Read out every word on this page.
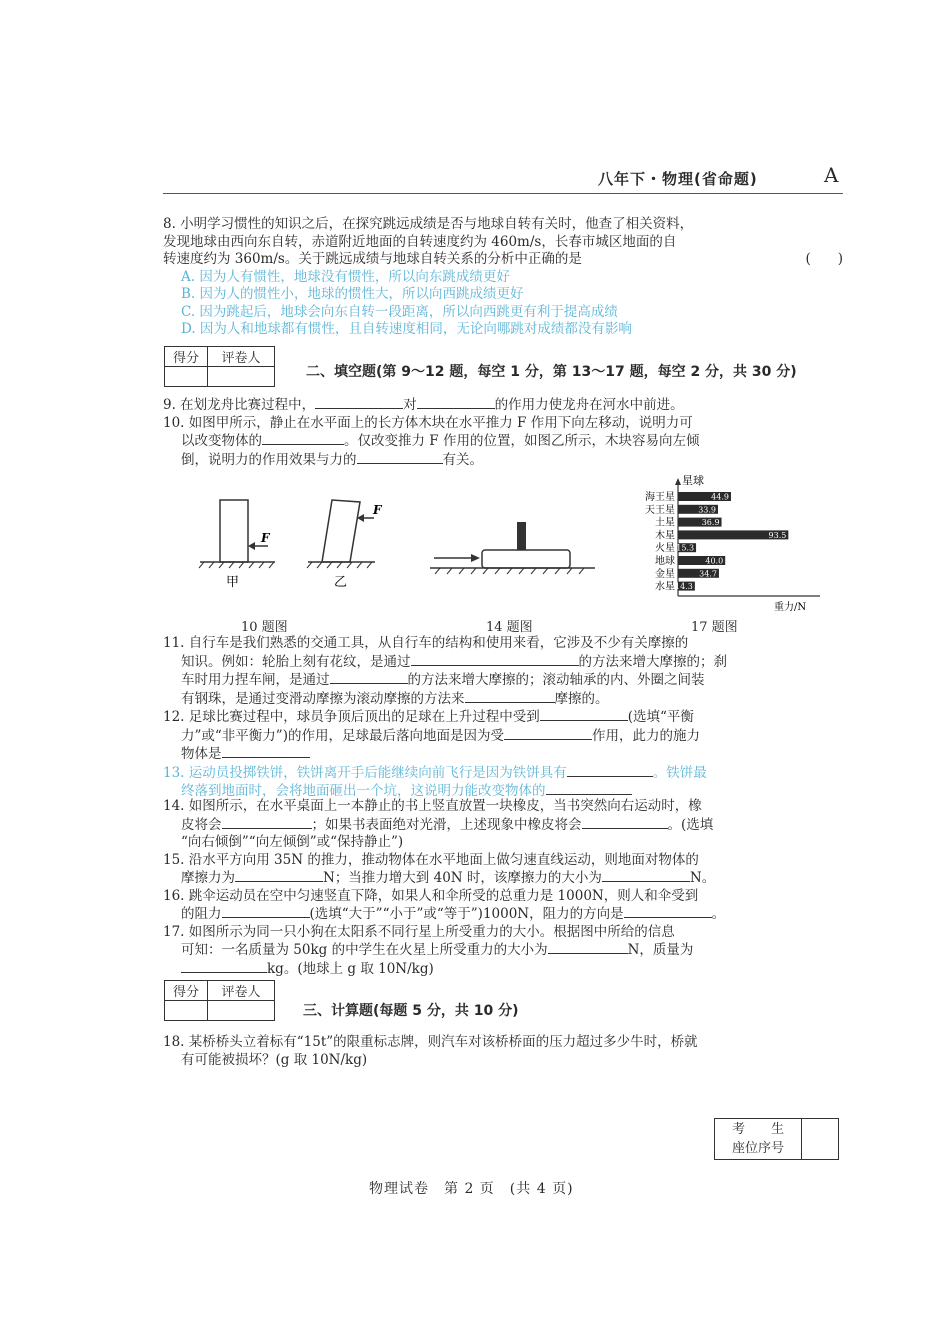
八年下・物理(省命题)	A
8. 小明学习惯性的知识之后，在探究跳远成绩是否与地球自转有关时，他查了相关资料，
发现地球由西向东自转，赤道附近地面的自转速度约为 460m/s，长春市城区地面的自
转速度约为 360m/s。关于跳远成绩与地球自转关系的分析中正确的是	(　　)
A. 因为人有惯性，地球没有惯性，所以向东跳成绩更好
B. 因为人的惯性小，地球的惯性大，所以向西跳成绩更好
C. 因为跳起后，地球会向东自转一段距离，所以向西跳更有利于提高成绩
D. 因为人和地球都有惯性，且自转速度相同，无论向哪跳对成绩都没有影响
得分	评卷人

二、填空题(第 9～12 题，每空 1 分，第 13～17 题，每空 2 分，共 30 分)
9. 在划龙舟比赛过程中，	对	的作用力使龙舟在河水中前进。
10. 如图甲所示，静止在水平面上的长方体木块在水平推力 F 作用下向左移动，说明力可
以改变物体的	。仅改变推力 F 作用的位置，如图乙所示，木块容易向左倾
倒，说明力的作用效果与力的	有关。
F
甲
F
乙
10 题图	14 题图	17 题图
星球
重力/N
海王星	44.9
天王星	33.9
土星	36.9
木星	93.5
火星 15.3
地球	40.0
金星	34.7
水星 14.3
11. 自行车是我们熟悉的交通工具，从自行车的结构和使用来看，它涉及不少有关摩擦的
知识。例如：轮胎上刻有花纹，是通过	的方法来增大摩擦的；刹
车时用力捏车闸，是通过	的方法来增大摩擦的；滚动轴承的内、外圈之间装
有钢珠，是通过变滑动摩擦为滚动摩擦的方法来	摩擦的。
12. 足球比赛过程中，球员争顶后顶出的足球在上升过程中受到	(选填“平衡
力”或“非平衡力”)的作用，足球最后落向地面是因为受	作用，此力的施力
物体是
13. 运动员投掷铁饼，铁饼离开手后能继续向前飞行是因为铁饼具有	。铁饼最
终落到地面时，会将地面砸出一个坑，这说明力能改变物体的
14. 如图所示，在水平桌面上一本静止的书上竖直放置一块橡皮，当书突然向右运动时，橡
皮将会	；如果书表面绝对光滑，上述现象中橡皮将会	。(选填
“向右倾倒”“向左倾倒”或“保持静止”)
15. 沿水平方向用 35N 的推力，推动物体在水平地面上做匀速直线运动，则地面对物体的
摩擦力为	N；当推力增大到 40N 时，该摩擦力的大小为	N。
16. 跳伞运动员在空中匀速竖直下降，如果人和伞所受的总重力是 1000N，则人和伞受到
的阻力	(选填“大于”“小于”或“等于”)1000N，阻力的方向是	。
17. 如图所示为同一只小狗在太阳系不同行星上所受重力的大小。根据图中所给的信息
可知：一名质量为 50kg 的中学生在火星上所受重力的大小为	N，质量为
kg。(地球上 g 取 10N/kg)
得分	评卷人

三、计算题(每题 5 分，共 10 分)
18. 某桥桥头立着标有“15t”的限重标志牌，则汽车对该桥桥面的压力超过多少牛时，桥就
有可能被损坏？(g 取 10N/kg)
考　　生
座位序号

物理试卷　第 2 页　(共 4 页)
